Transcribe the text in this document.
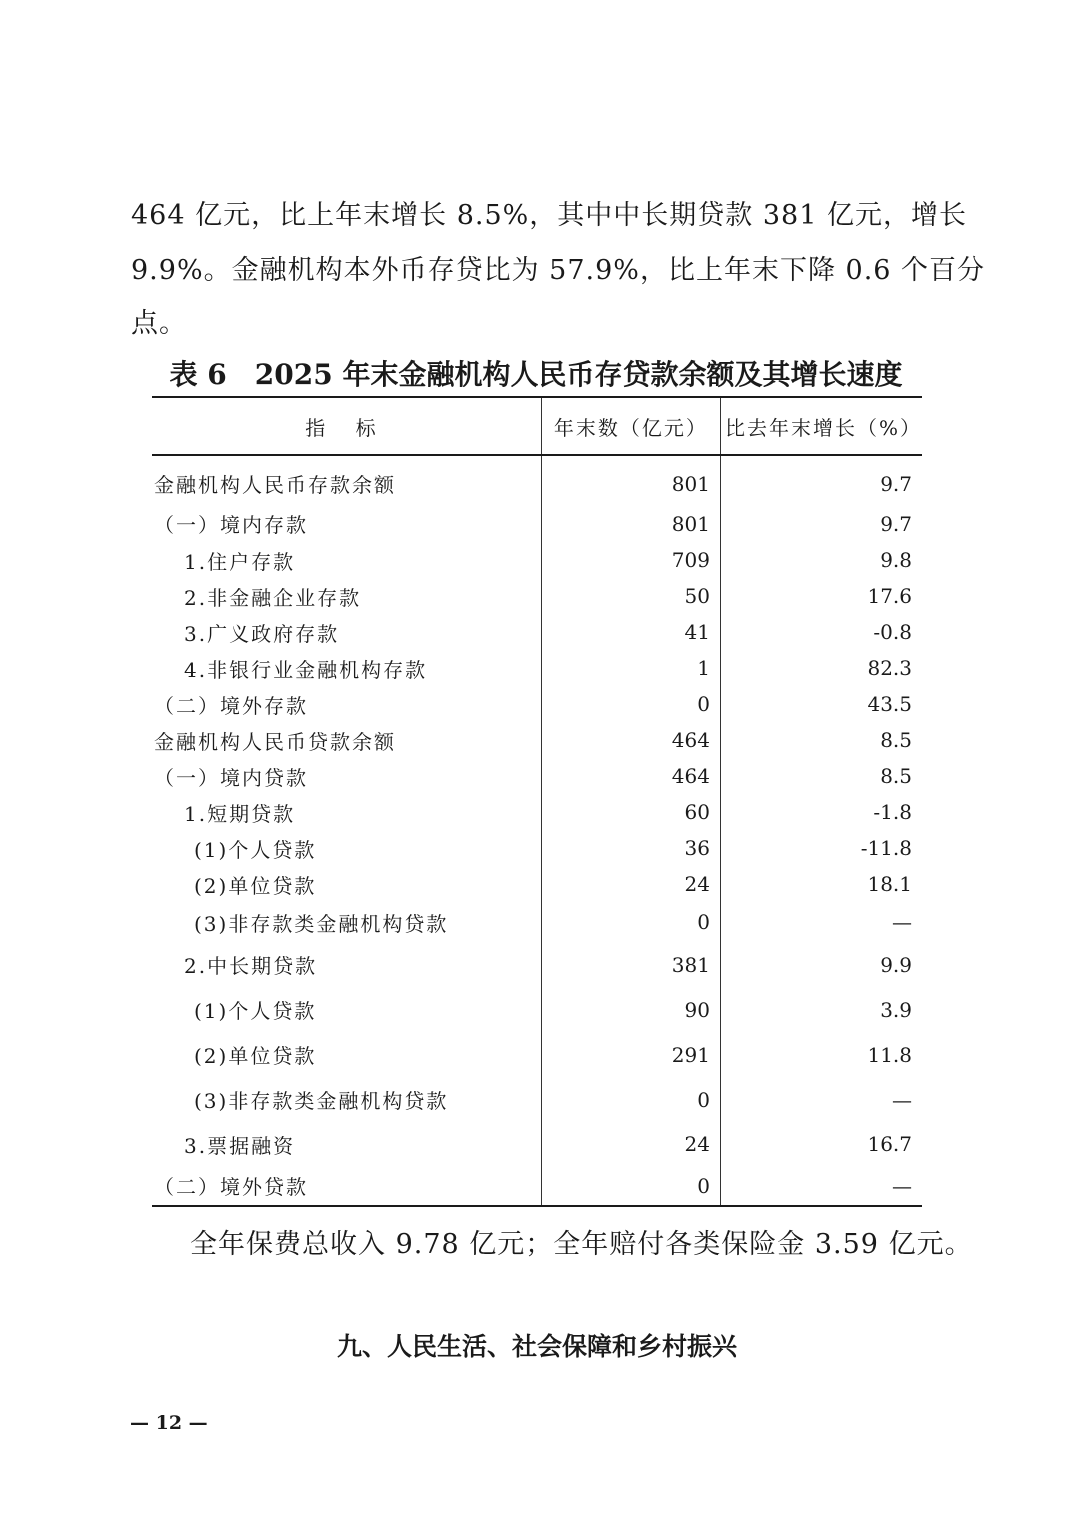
464 亿元，比上年末增长 8.5%，其中中长期贷款 381 亿元，增长
9.9%。金融机构本外币存贷比为 57.9%，比上年末下降 0.6 个百分
点。
表 6　2025 年末金融机构人民币存贷款余额及其增长速度
指 标	年末数（亿元）	比去年末增长（%）
金融机构人民币存款余额	801	9.7
（一）境内存款	801	9.7
1.住户存款	709	9.8
2.非金融企业存款	50	17.6
3.广义政府存款	41	-0.8
4.非银行业金融机构存款	1	82.3
（二）境外存款	0	43.5
金融机构人民币贷款余额	464	8.5
（一）境内贷款	464	8.5
1.短期贷款	60	-1.8
(1)个人贷款	36	-11.8
(2)单位贷款	24	18.1
(3)非存款类金融机构贷款	0	—
2.中长期贷款	381	9.9
(1)个人贷款	90	3.9
(2)单位贷款	291	11.8
(3)非存款类金融机构贷款	0	—
3.票据融资	24	16.7
（二）境外贷款	0	—
全年保费总收入 9.78 亿元；全年赔付各类保险金 3.59 亿元。
九、人民生活、社会保障和乡村振兴
— 12 —
